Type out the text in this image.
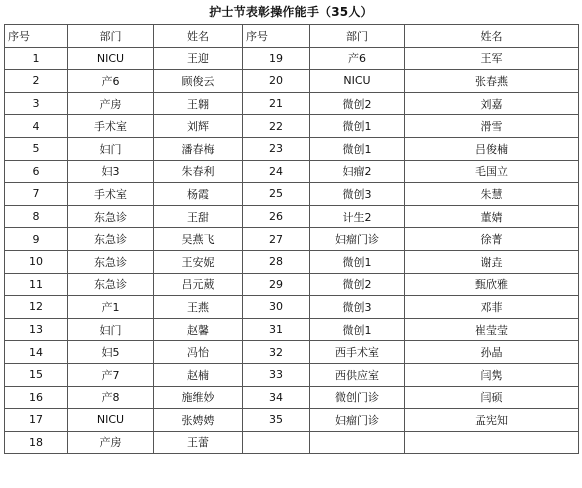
护士节表彰操作能手（35人）
序号	部门	姓名	序号	部门	姓名
1	NICU	王迎	19	产6	王军
2	产6	顾俊云	20	NICU	张春燕
3	产房	王翱	21	微创2	刘嘉
4	手术室	刘辉	22	微创1	滑雪
5	妇门	潘春梅	23	微创1	吕俊楠
6	妇3	朱春利	24	妇瘤2	毛国立
7	手术室	杨霞	25	微创3	朱慧
8	东急诊	王甜	26	计生2	董婧
9	东急诊	吴燕飞	27	妇瘤门诊	徐菁
10	东急诊	王安妮	28	微创1	谢垚
11	东急诊	吕元葳	29	微创2	甄欣雅
12	产1	王燕	30	微创3	邓菲
13	妇门	赵馨	31	微创1	崔莹莹
14	妇5	冯怡	32	西手术室	孙晶
15	产7	赵楠	33	西供应室	闫隽
16	产8	施维妙	34	微创门诊	闫硕
17	NICU	张娉娉	35	妇瘤门诊	孟宪知
18	产房	王蕾			
